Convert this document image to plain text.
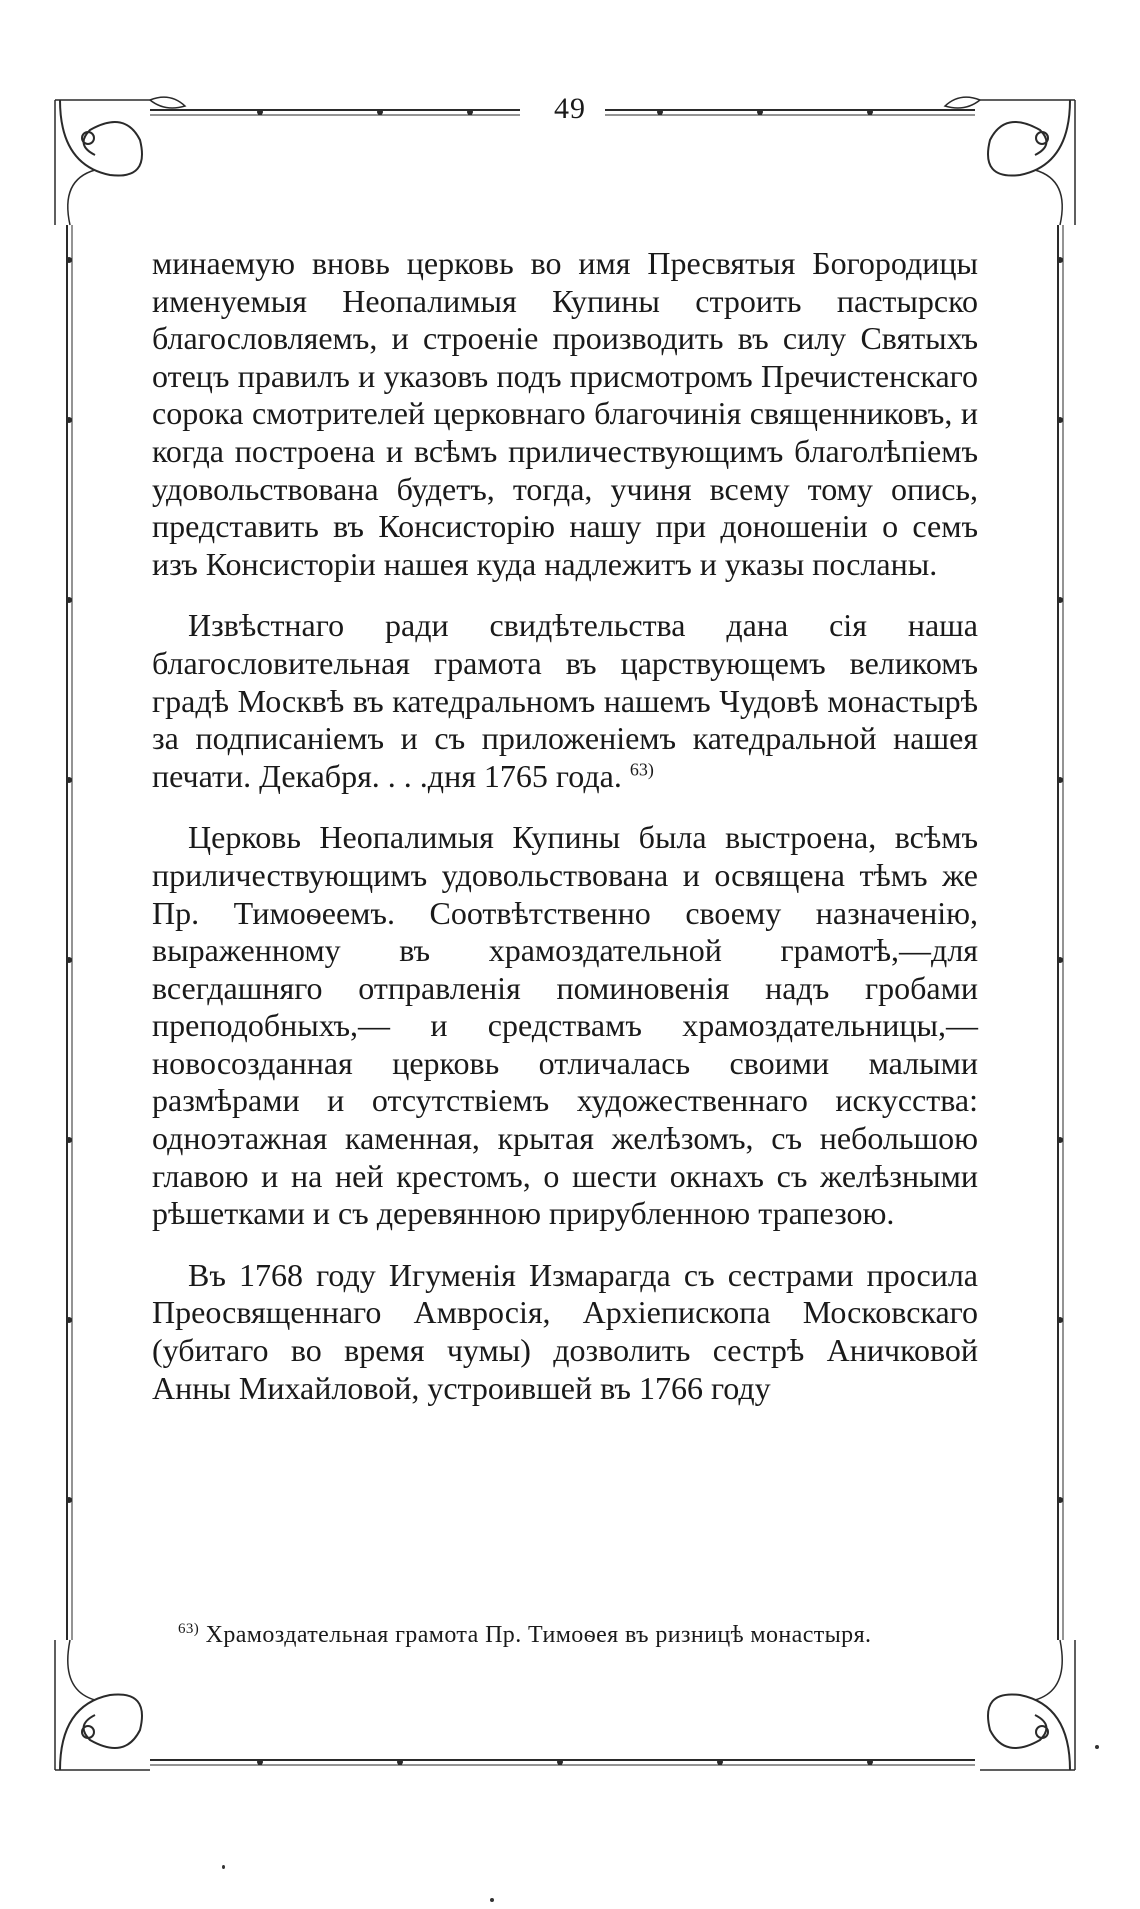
49

минаемую вновь церковь во имя Пресвятыя Богородицы именуемыя Неопалимыя Купины строить пастырско благословляемъ, и строеніе производить въ силу Святыхъ отецъ правилъ и указовъ подъ присмотромъ Пречистенскаго сорока смотрителей церковнаго благочинія священниковъ, и когда построена и всѣмъ приличествующимъ благолѣпіемъ удовольствована будетъ, тогда, учиня всему тому опись, представить въ Консисторію нашу при доношеніи о семъ изъ Консисторіи нашея куда надлежитъ и указы посланы.

Извѣстнаго ради свидѣтельства дана сія наша благословительная грамота въ царствующемъ великомъ градѣ Москвѣ въ катедральномъ нашемъ Чудовѣ монастырѣ за подписаніемъ и съ приложеніемъ катедральной нашея печати. Декабря. . . .дня 1765 года. $^{63)}$

Церковь Неопалимыя Купины была выстроена, всѣмъ приличествующимъ удовольствована и освящена тѣмъ же Пр. Тимоѳеемъ. Соотвѣтственно своему назначенію, выраженному въ храмоздательной грамотѣ,—для всегдашняго отправленія поминовенія надъ гробами преподобныхъ,— и средствамъ храмоздательницы,—новосозданная церковь отличалась своими малыми размѣрами и отсутствіемъ художественнаго искусства: одноэтажная каменная, крытая желѣзомъ, съ небольшою главою и на ней крестомъ, о шести окнахъ съ желѣзными рѣшетками и съ деревянною прирубленною трапезою.

Въ 1768 году Игуменія Измарагда съ сестрами просила Преосвященнаго Амвросія, Архіепископа Московскаго (убитаго во время чумы) дозволить сестрѣ Аничковой Анны Михайловой, устроившей въ 1766 году

$^{63)}$ Храмоздательная грамота Пр. Тимоѳея въ ризницѣ монастыря.
